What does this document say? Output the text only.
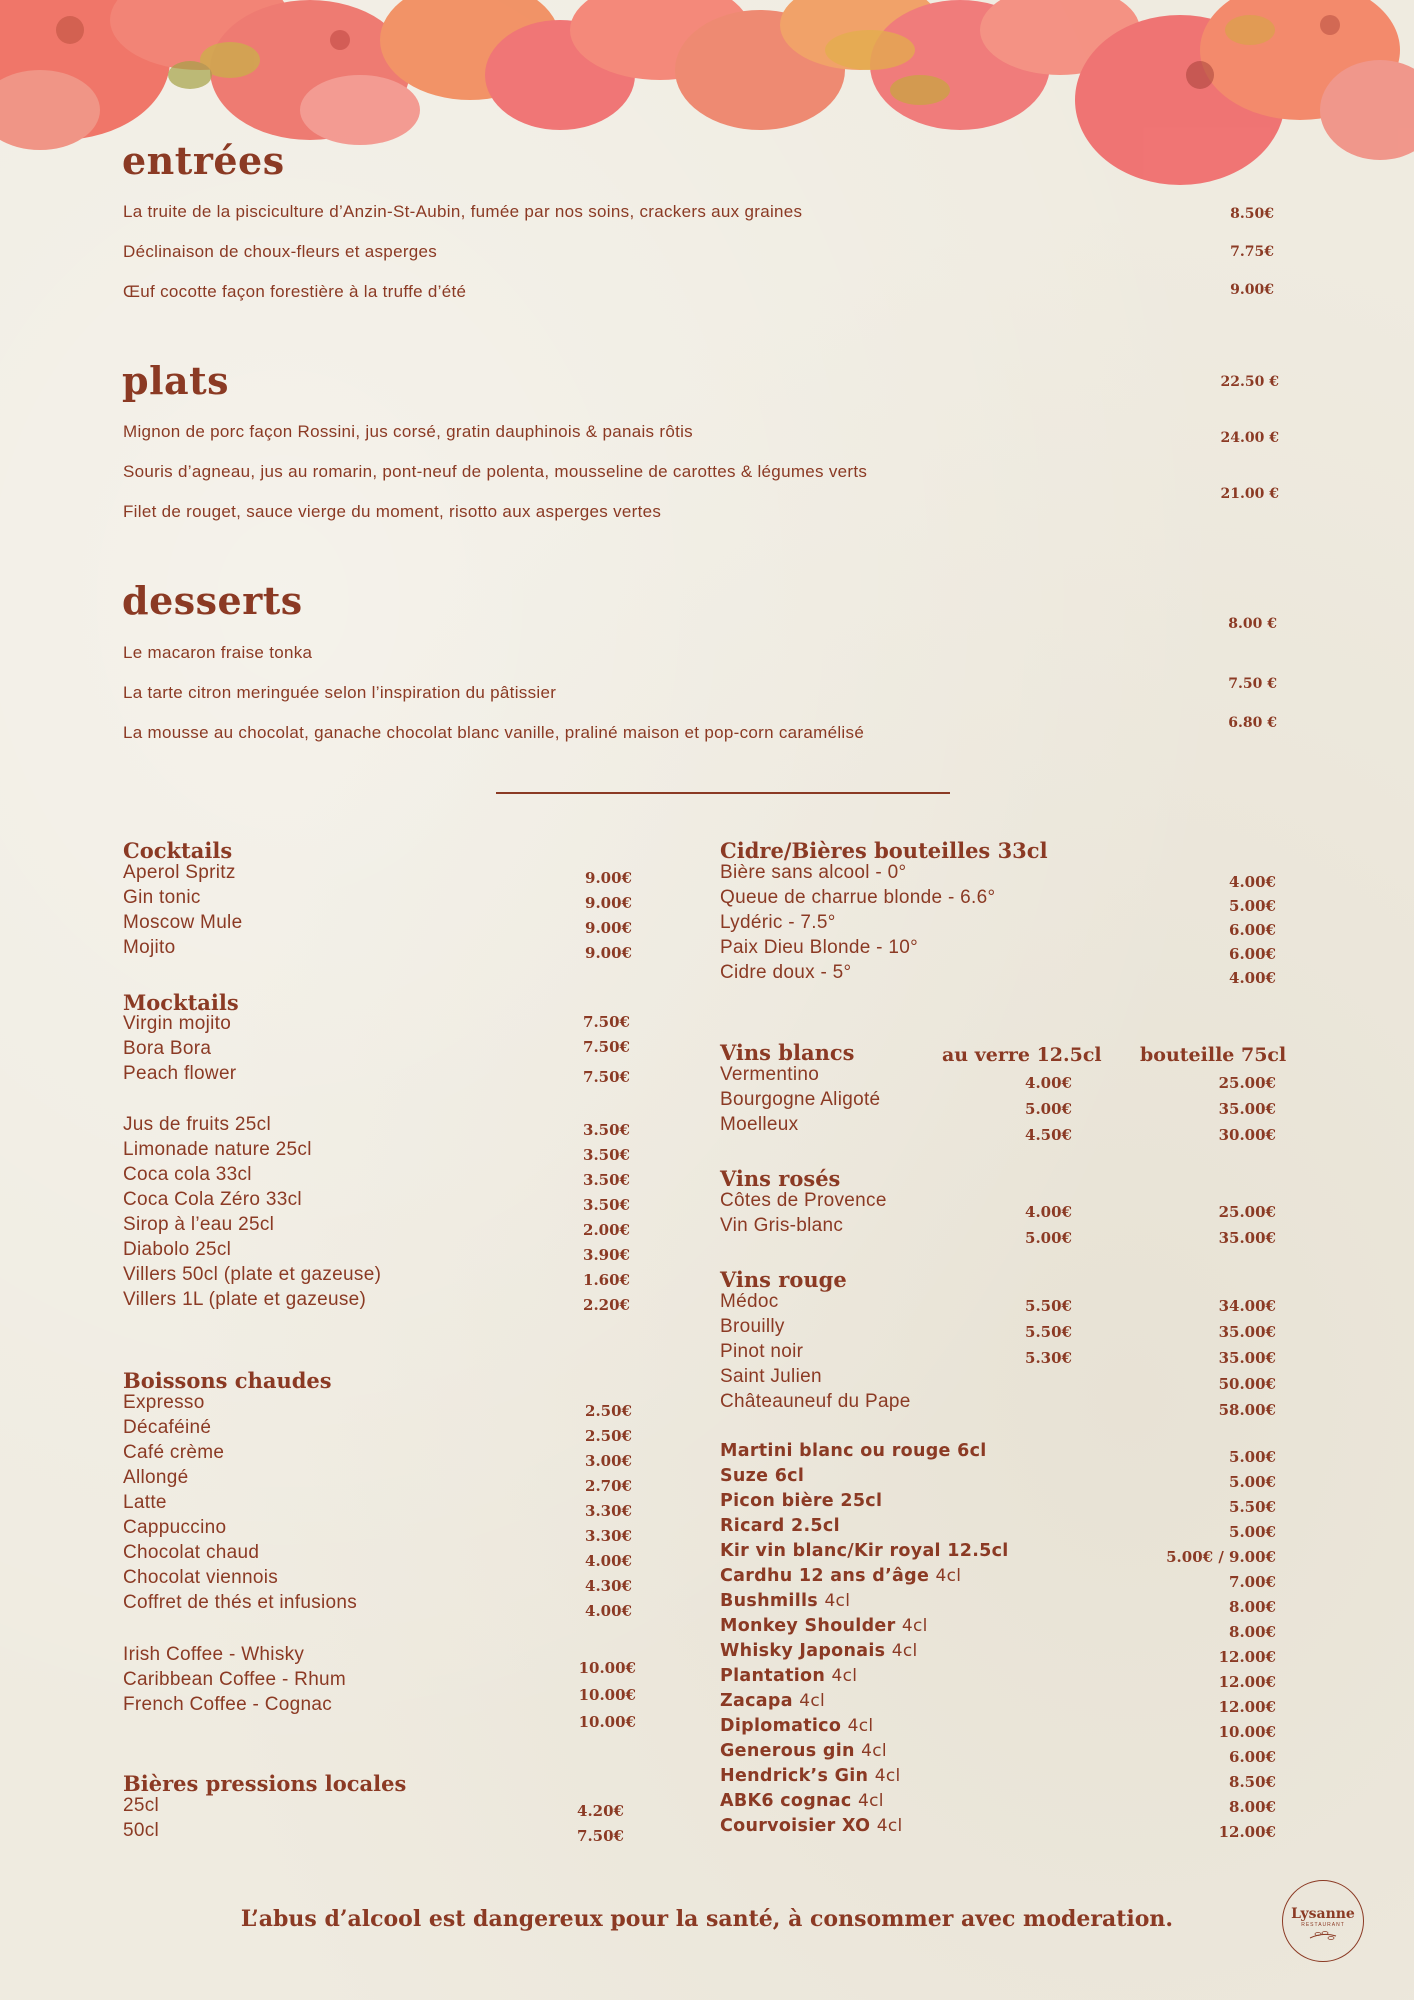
entrées
La truite de la pisciculture d’Anzin-St-Aubin, fumée par nos soins, crackers aux graines
Déclinaison de choux-fleurs et asperges
Œuf cocotte façon forestière à la truffe d’été
8.50€
7.75€
9.00€
plats
Mignon de porc façon Rossini, jus corsé, gratin dauphinois & panais rôtis
Souris d’agneau, jus au romarin, pont-neuf de polenta, mousseline de carottes & légumes verts
Filet de rouget, sauce vierge du moment, risotto aux asperges vertes
22.50 €
24.00 €
21.00 €
desserts
Le macaron fraise tonka
La tarte citron meringuée selon l’inspiration du pâtissier
La mousse au chocolat, ganache chocolat blanc vanille, praliné maison et pop-corn caramélisé
8.00 €
7.50 €
6.80 €
Cocktails
Aperol Spritz
Gin tonic
Moscow Mule
Mojito
9.00€
9.00€
9.00€
9.00€
Mocktails
Virgin mojito
Bora Bora
Peach flower
7.50€
7.50€
7.50€
Jus de fruits 25cl
Limonade nature 25cl
Coca cola 33cl
Coca Cola Zéro 33cl
Sirop à l’eau 25cl
Diabolo 25cl
Villers 50cl (plate et gazeuse)
Villers 1L (plate et gazeuse)
3.50€
3.50€
3.50€
3.50€
2.00€
3.90€
1.60€
2.20€
Boissons chaudes
Expresso
Décaféiné
Café crème
Allongé
Latte
Cappuccino
Chocolat chaud
Chocolat viennois
Coffret de thés et infusions
2.50€
2.50€
3.00€
2.70€
3.30€
3.30€
4.00€
4.30€
4.00€
Irish Coffee - Whisky
Caribbean Coffee - Rhum
French Coffee - Cognac
10.00€
10.00€
10.00€
Bières pressions locales
25cl
50cl
4.20€
7.50€
Cidre/Bières bouteilles 33cl
Bière sans alcool - 0°
Queue de charrue blonde - 6.6°
Lydéric - 7.5°
Paix Dieu Blonde - 10°
Cidre doux - 5°
4.00€
5.00€
6.00€
6.00€
4.00€
Vins blancs	au verre 12.5cl bouteille 75cl
Vermentino
Bourgogne Aligoté
Moelleux
4.00€
5.00€
4.50€
25.00€
35.00€
30.00€
Vins rosés
Côtes de Provence
Vin Gris-blanc
4.00€
5.00€
25.00€
35.00€
Vins rouge
Médoc
Brouilly
Pinot noir
Saint Julien
Châteauneuf du Pape
5.50€
5.50€
5.30€
34.00€
35.00€
35.00€
50.00€
58.00€
Martini blanc ou rouge 6cl
Suze 6cl
Picon bière 25cl
Ricard 2.5cl
Kir vin blanc/Kir royal 12.5cl
Cardhu 12 ans d’âge 4cl
Bushmills 4cl
Monkey Shoulder 4cl
Whisky Japonais 4cl
Plantation 4cl
Zacapa 4cl
Diplomatico 4cl
Generous gin 4cl
Hendrick’s Gin 4cl
ABK6 cognac 4cl
Courvoisier XO 4cl
5.00€
5.00€
5.50€
5.00€
5.00€ / 9.00€
7.00€
8.00€
8.00€
12.00€
12.00€
12.00€
10.00€
6.00€
8.50€
8.00€
12.00€
L’abus d’alcool est dangereux pour la santé, à consommer avec moderation.	Lysanne
RESTAURANT
